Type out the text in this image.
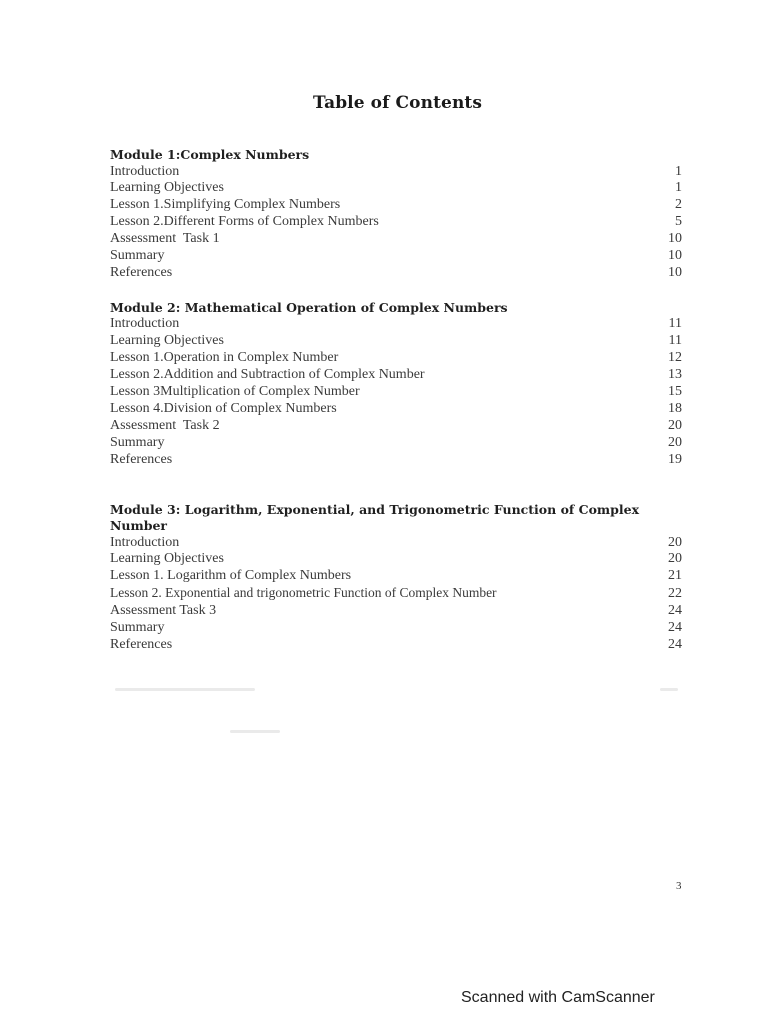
Table of Contents
Module 1:Complex Numbers
Introduction	1
Learning Objectives	1
Lesson 1.Simplifying Complex Numbers	2
Lesson 2.Different Forms of Complex Numbers	5
Assessment  Task 1	10
Summary	10
References	10
Module 2: Mathematical Operation of Complex Numbers
Introduction	11
Learning Objectives	11
Lesson 1.Operation in Complex Number	12
Lesson 2.Addition and Subtraction of Complex Number	13
Lesson 3Multiplication of Complex Number	15
Lesson 4.Division of Complex Numbers	18
Assessment  Task 2	20
Summary	20
References	19
Module 3: Logarithm, Exponential, and Trigonometric Function of Complex Number
Introduction	20
Learning Objectives	20
Lesson 1. Logarithm of Complex Numbers	21
Lesson 2. Exponential and trigonometric Function of Complex Number	22
Assessment Task 3	24
Summary	24
References	24
3
Scanned with CamScanner
